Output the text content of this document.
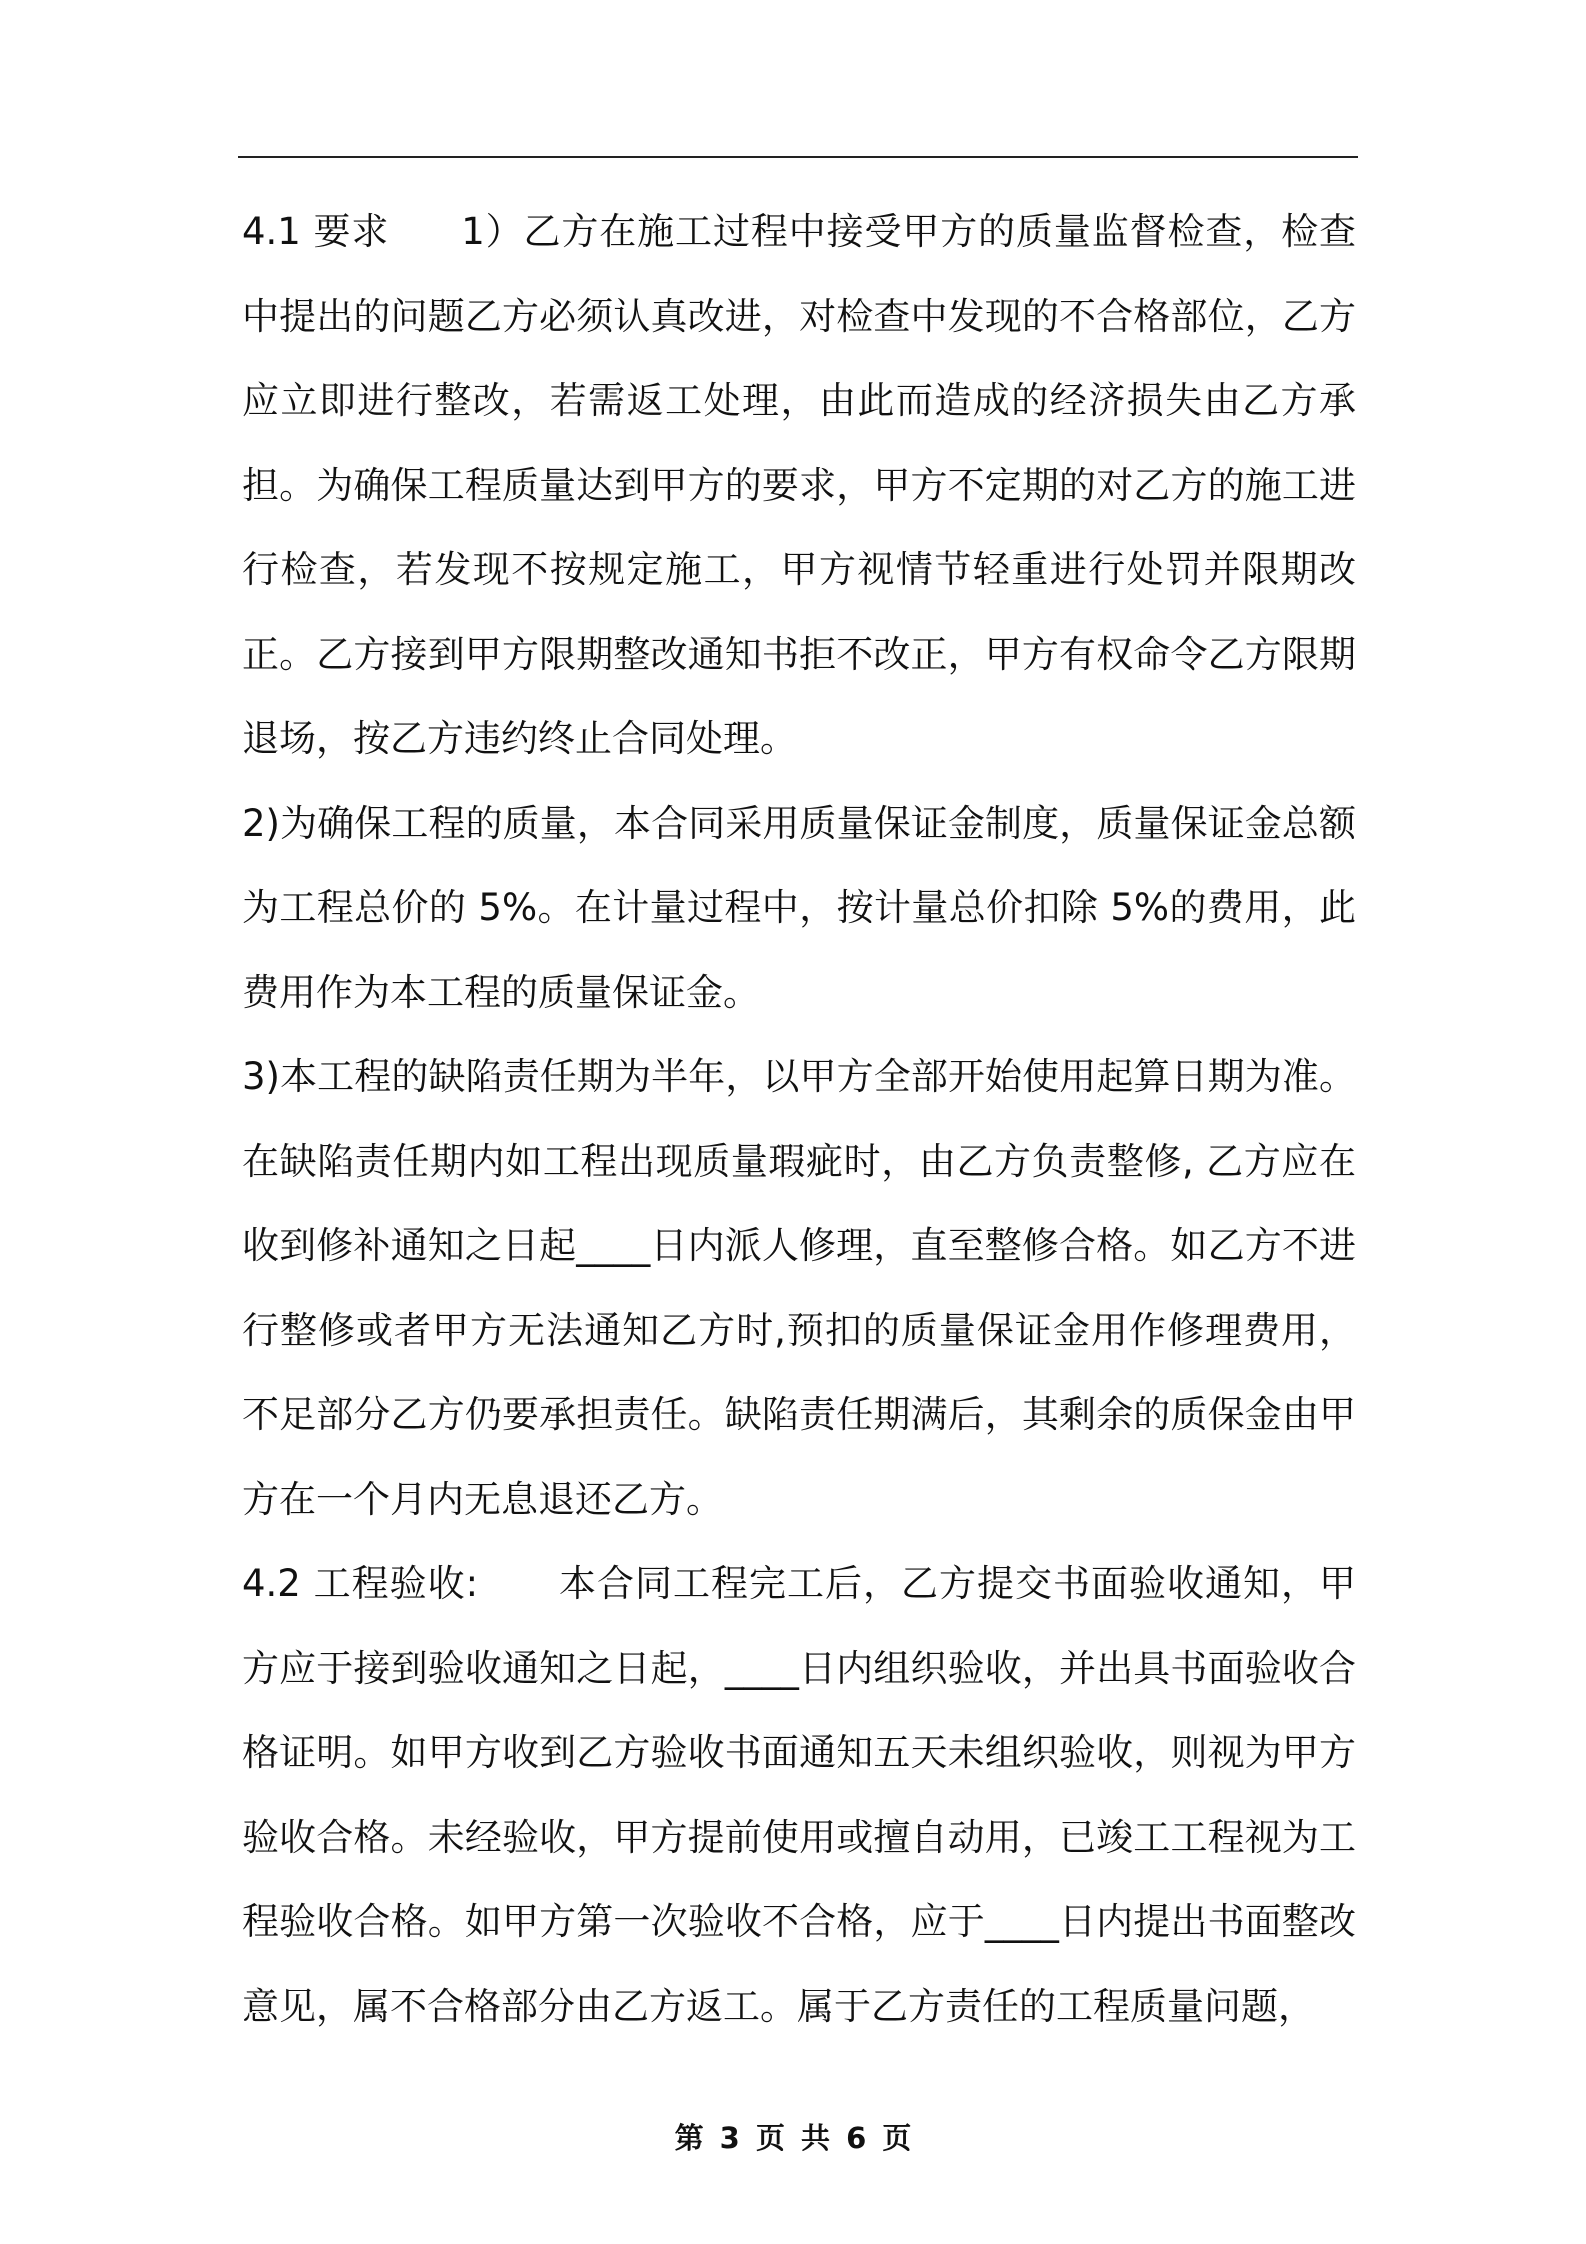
4.1 要求 1）乙方在施工过程中接受甲方的质量监督检查，检查中提出的问题乙方必须认真改进，对检查中发现的不合格部位，乙方应立即进行整改，若需返工处理，由此而造成的经济损失由乙方承担。为确保工程质量达到甲方的要求，甲方不定期的对乙方的施工进行检查，若发现不按规定施工，甲方视情节轻重进行处罚并限期改正。乙方接到甲方限期整改通知书拒不改正，甲方有权命令乙方限期退场，按乙方违约终止合同处理。

2)为确保工程的质量，本合同采用质量保证金制度，质量保证金总额为工程总价的 5%。在计量过程中，按计量总价扣除 5%的费用，此费用作为本工程的质量保证金。

3)本工程的缺陷责任期为半年，以甲方全部开始使用起算日期为准。在缺陷责任期内如工程出现质量瑕疵时，由乙方负责整修, 乙方应在收到修补通知之日起____日内派人修理，直至整修合格。如乙方不进行整修或者甲方无法通知乙方时,预扣的质量保证金用作修理费用，不足部分乙方仍要承担责任。缺陷责任期满后，其剩余的质保金由甲方在一个月内无息退还乙方。

4.2 工程验收: 本合同工程完工后，乙方提交书面验收通知，甲方应于接到验收通知之日起，____日内组织验收，并出具书面验收合格证明。如甲方收到乙方验收书面通知五天未组织验收，则视为甲方验收合格。未经验收，甲方提前使用或擅自动用，已竣工工程视为工程验收合格。如甲方第一次验收不合格，应于____日内提出书面整改意见，属不合格部分由乙方返工。属于乙方责任的工程质量问题，

第 3 页 共 6 页
